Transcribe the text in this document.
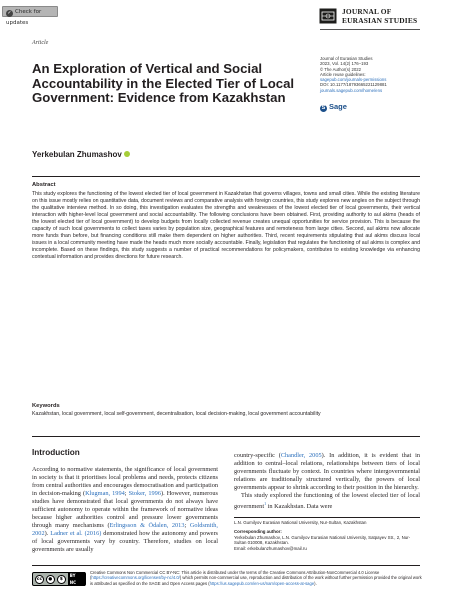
✓ Check for updates
Article
JOURNAL OF
EURASIAN STUDIES
Journal of Eurasian Studies
2023, Vol. 14(2) 176–193
© The Author(s) 2022
Article reuse guidelines:
sagepub.com/journals-permissions
DOI: 10.1177/18793665221129881
journals.sagepub.com/home/ens
S Sage
An Exploration of Vertical and Social Accountability in the Elected Tier of Local Government: Evidence from Kazakhstan
Yerkebulan Zhumashov
Abstract
This study explores the functioning of the lowest elected tier of local government in Kazakhstan that governs villages, towns and small cities. While the existing literature on this issue mostly relies on quantitative data, document reviews and comparative analysis with foreign countries, this study explores new angles on the subject through the qualitative interview method. In so doing, this investigation evaluates the strengths and weaknesses of the lowest elected tier of local governments, their vertical interaction with higher-level local government and social accountability. The following conclusions have been obtained. First, providing authority to aul akims (heads of the lowest elected tier of local government) to develop budgets from locally collected revenue creates unequal opportunities for service provision. This is because the capacity of such local governments to collect taxes varies by population size, geographical features and remoteness from large cities. Second, aul akims now allocate more funds than before, but financing conditions still make them dependent on higher authorities. Third, recent requirements stipulating that aul akims discuss local issues in a local community meeting have made the heads much more socially accountable. Finally, legislation that regulates the functioning of aul akims is complex and incomplete. Based on these findings, this study suggests a number of practical recommendations for policymakers, contributes to existing knowledge via enhancing contextual information and provides directions for future research.
Keywords
Kazakhstan, local government, local self-government, decentralisation, local decision-making, local government accountability
Introduction
According to normative statements, the significance of local government in society is that it prioritises local problems and needs, protects citizens from central authorities and encourages democratisation and participation in decision-making (Klugman, 1994; Stoker, 1996). However, numerous studies have demonstrated that local governments do not always have sufficient autonomy to operate within the framework of normative ideas because higher authorities control and pressure lower governments through many mechanisms (Erlingsson & Ödalen, 2013; Goldsmith, 2002). Ladner et al. (2016) demonstrated how the autonomy and powers of local governments vary by country. Therefore, studies on local governments are usually
country-specific (Chandler, 2005). In addition, it is evident that in addition to central–local relations, relationships between tiers of local governments fluctuate by context. In countries where intergovernmental relations are traditionally structured vertically, the powers of local governments appear to shrink according to their position in the hierarchy.
This study explored the functioning of the lowest elected tier of local government$^1$ in Kazakhstan. Data were
L.N. Gumilyov Eurasian National University, Nur-Sultan, Kazakhstan
Corresponding author:
Yerkebulan Zhumashov, L.N. Gumilyov Eurasian National University, Satpayev Str., 2, Nur-Sultan 010008, Kazakhstan.
Email: erkebulanzhumashov@mail.ru
cc	●	$
BY NC
Creative Commons Non Commercial CC BY-NC: This article is distributed under the terms of the Creative Commons Attribution-NonCommercial 4.0 License (https://creativecommons.org/licenses/by-nc/4.0/) which permits non-commercial use, reproduction and distribution of the work without further permission provided the original work is attributed as specified on the SAGE and Open Access pages (https://us.sagepub.com/en-us/nam/open-access-at-sage).
